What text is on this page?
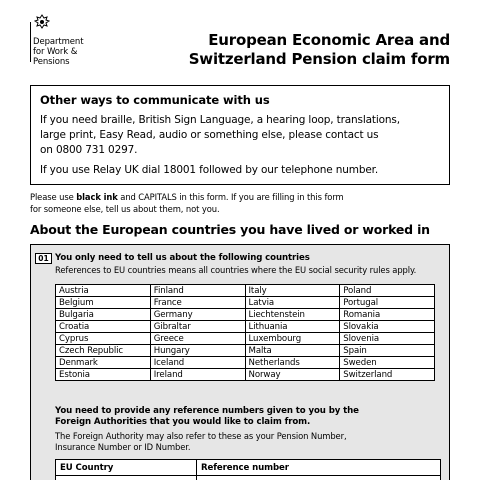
Department
for Work &
Pensions
European Economic Area and
Switzerland Pension claim form
Other ways to communicate with us

If you need braille, British Sign Language, a hearing loop, translations,
large print, Easy Read, audio or something else, please contact us
on 0800 731 0297.

If you use Relay UK dial 18001 followed by our telephone number.

Please use black ink and CAPITALS in this form. If you are filling in this form
for someone else, tell us about them, not you.
About the European countries you have lived or worked in
01 You only need to tell us about the following countries
References to EU countries means all countries where the EU social security rules apply.
Austria	Finland	Italy	Poland
Belgium	France	Latvia	Portugal
Bulgaria	Germany	Liechtenstein	Romania
Croatia	Gibraltar	Lithuania	Slovakia
Cyprus	Greece	Luxembourg	Slovenia
Czech Republic	Hungary	Malta	Spain
Denmark	Iceland	Netherlands	Sweden
Estonia	Ireland	Norway	Switzerland
You need to provide any reference numbers given to you by the
Foreign Authorities that you would like to claim from.
The Foreign Authority may also refer to these as your Pension Number,
Insurance Number or ID Number.
EU Country	Reference number
